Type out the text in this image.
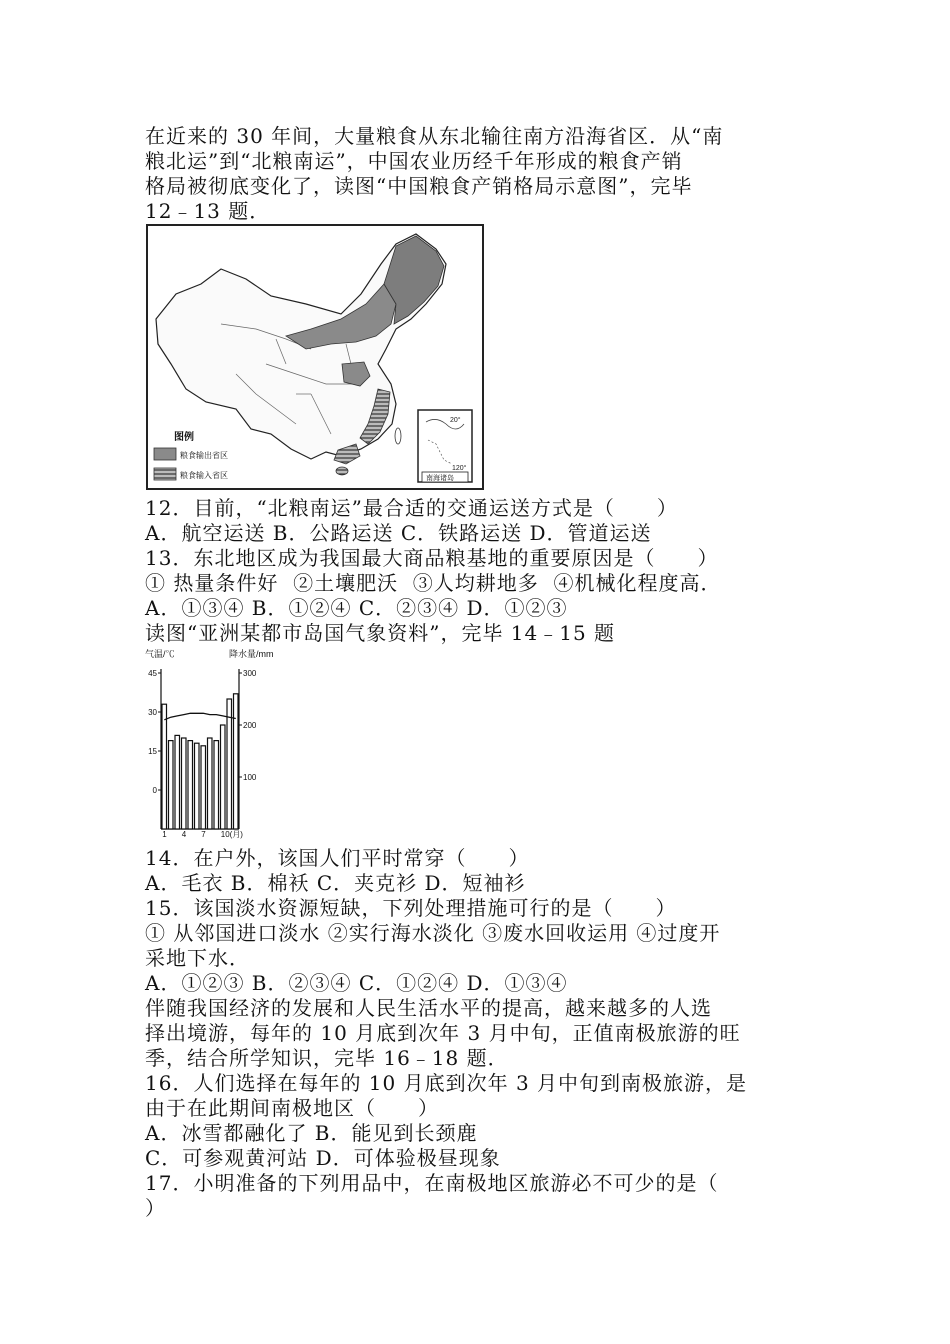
在近来的 30 年间，大量粮食从东北输往南方沿海省区．从“南
粮北运”到“北粮南运”，中国农业历经千年形成的粮食产销
格局被彻底变化了，读图“中国粮食产销格局示意图”，完毕
12﹣13 题．
图例
粮食输出省区
粮食输入省区
20°
120°
南海诸岛
12．目前，“北粮南运”最合适的交通运送方式是（　　）
A．航空运送 B．公路运送 C．铁路运送 D．管道运送
13．东北地区成为我国最大商品粮基地的重要原因是（　　）
① 热量条件好  ②土壤肥沃  ③人均耕地多  ④机械化程度高．
A．①③④ B．①②④ C．②③④ D．①②③
读图“亚洲某都市岛国气象资料”，完毕 14﹣15 题
气温/℃	降水量/mm
45
30
15
0
300
200
100
1 4 7 10(月)
14．在户外，该国人们平时常穿（　　）
A．毛衣 B．棉袄 C．夹克衫 D．短袖衫
15．该国淡水资源短缺，下列处理措施可行的是（　　）
① 从邻国进口淡水 ②实行海水淡化 ③废水回收运用 ④过度开
采地下水．
A．①②③ B．②③④ C．①②④ D．①③④
伴随我国经济的发展和人民生活水平的提高，越来越多的人选
择出境游，每年的 10 月底到次年 3 月中旬，正值南极旅游的旺
季，结合所学知识，完毕 16﹣18 题．
16．人们选择在每年的 10 月底到次年 3 月中旬到南极旅游，是
由于在此期间南极地区（　　）
A．冰雪都融化了 B．能见到长颈鹿
C．可参观黄河站 D．可体验极昼现象
17．小明准备的下列用品中，在南极地区旅游必不可少的是（
）
